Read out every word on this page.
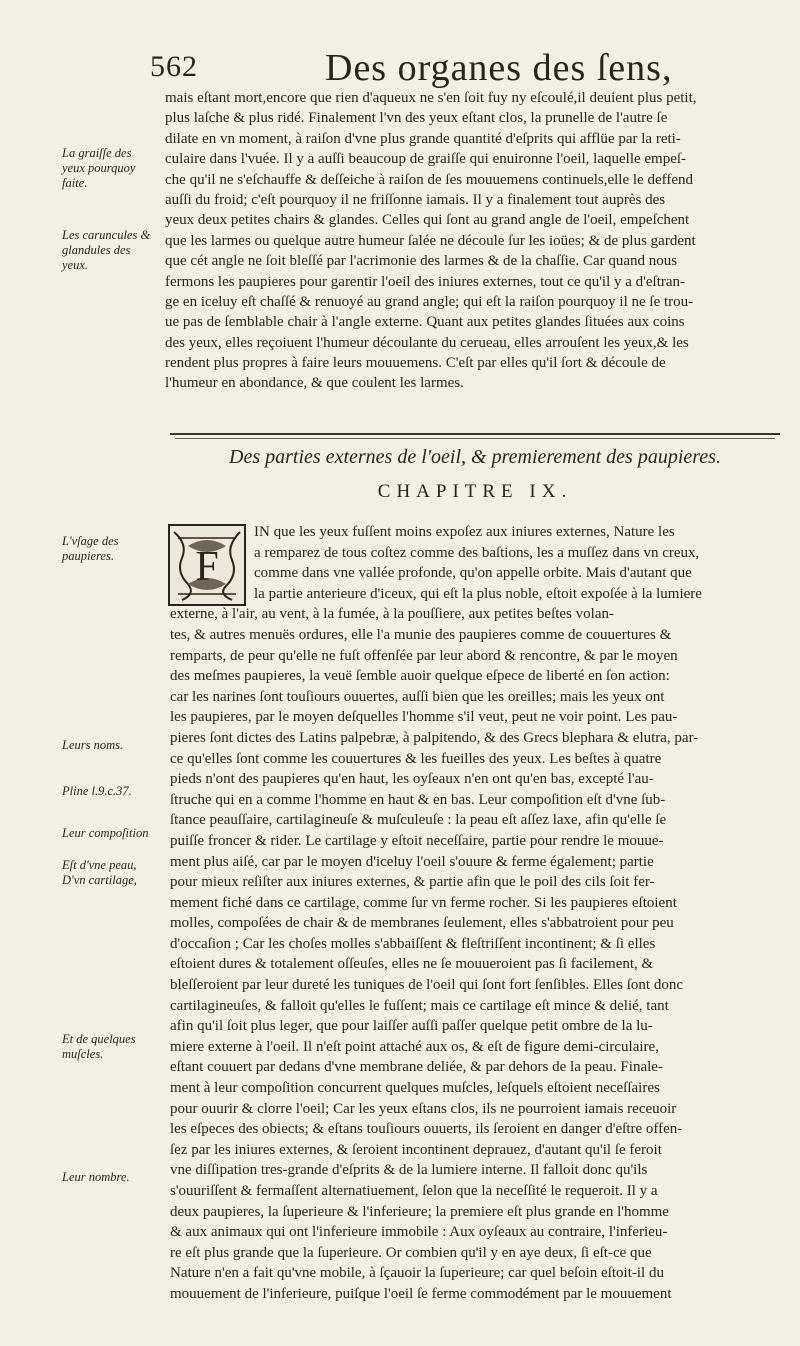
562	Des organes des ſens,
mais eſtant mort,encore que rien d'aqueux ne s'en ſoit fuy ny eſcoulé,il deuient plus petit,
plus laſche & plus ridé. Finalement l'vn des yeux eſtant clos, la prunelle de l'autre ſe
dilate en vn moment, à raiſon d'vne plus grande quantité d'eſprits qui afflüe par la reti-
culaire dans l'vuée. Il y a auſſi beaucoup de graiſſe qui enuironne l'oeil, laquelle empeſ-
che qu'il ne s'eſchauffe & deſſeiche à raiſon de ſes mouuemens continuels,elle le deffend
auſſi du froid; c'eſt pourquoy il ne friſſonne iamais. Il y a finalement tout auprès des
yeux deux petites chairs & glandes. Celles qui ſont au grand angle de l'oeil, empeſchent
que les larmes ou quelque autre humeur ſalée ne découle ſur les ioües; & de plus gardent
que cét angle ne ſoit bleſſé par l'acrimonie des larmes & de la chaſſie. Car quand nous
fermons les paupieres pour garentir l'oeil des iniures externes, tout ce qu'il y a d'eſtran-
ge en iceluy eſt chaſſé & renuoyé au grand angle; qui eſt la raiſon pourquoy il ne ſe trou-
ue pas de ſemblable chair à l'angle externe. Quant aux petites glandes ſituées aux coins
des yeux, elles reçoiuent l'humeur découlante du cerueau, elles arrouſent les yeux,& les
rendent plus propres à faire leurs mouuemens. C'eſt par elles qu'il ſort & découle de
l'humeur en abondance, & que coulent les larmes.
La graiſſe des yeux pourquoy faite.
Les caruncules & glandules des yeux.
L'vſage des paupieres.
Leurs noms.
Pline l.9.c.37.
Leur compoſition
Eſt d'vne peau, D'vn cartilage,
Et de quelques muſcles.
Leur nombre.
Des parties externes de l'oeil, & premierement des paupieres.
CHAPITRE IX.
F
IN que les yeux fuſſent moins expoſez aux iniures externes, Nature les
a remparez de tous coſtez comme des baſtions, les a muſſez dans vn creux,
comme dans vne vallée profonde, qu'on appelle orbite. Mais d'autant que
la partie anterieure d'iceux, qui eſt la plus noble, eſtoit expoſée à la lumiere
externe, à l'air, au vent, à la fumée, à la pouſſiere, aux petites beſtes volan-
tes, & autres menuës ordures, elle l'a munie des paupieres comme de couuertures &
remparts, de peur qu'elle ne fuſt offenſée par leur abord & rencontre, & par le moyen
des meſmes paupieres, la veuë ſemble auoir quelque eſpece de liberté en ſon action:
car les narines ſont touſiours ouuertes, auſſi bien que les oreilles; mais les yeux ont
les paupieres, par le moyen deſquelles l'homme s'il veut, peut ne voir point. Les pau-
pieres ſont dictes des Latins palpebræ, à palpitendo, & des Grecs blephara & elutra, par-
ce qu'elles ſont comme les couuertures & les fueilles des yeux. Les beſtes à quatre
pieds n'ont des paupieres qu'en haut, les oyſeaux n'en ont qu'en bas, excepté l'au-
ſtruche qui en a comme l'homme en haut & en bas. Leur compoſition eſt d'vne ſub-
ſtance peauſſaire, cartilagineuſe & muſculeuſe : la peau eſt aſſez laxe, afin qu'elle ſe
puiſſe froncer & rider. Le cartilage y eſtoit neceſſaire, partie pour rendre le mouue-
ment plus aiſé, car par le moyen d'iceluy l'oeil s'ouure & ferme également; partie
pour mieux reſiſter aux iniures externes, & partie afin que le poil des cils ſoit fer-
mement fiché dans ce cartilage, comme ſur vn ferme rocher. Si les paupieres eſtoient
molles, compoſées de chair & de membranes ſeulement, elles s'abbatroient pour peu
d'occaſion ; Car les choſes molles s'abbaiſſent & fleſtriſſent incontinent; & ſi elles
eſtoient dures & totalement oſſeuſes, elles ne ſe mouueroient pas ſi facilement, &
bleſſeroient par leur dureté les tuniques de l'oeil qui ſont fort ſenſibles. Elles ſont donc
cartilagineuſes, & falloit qu'elles le fuſſent; mais ce cartilage eſt mince & delié, tant
afin qu'il ſoit plus leger, que pour laiſſer auſſi paſſer quelque petit ombre de la lu-
miere externe à l'oeil. Il n'eſt point attaché aux os, & eſt de figure demi-circulaire,
eſtant couuert par dedans d'vne membrane deliée, & par dehors de la peau. Finale-
ment à leur compoſition concurrent quelques muſcles, leſquels eſtoient neceſſaires
pour ouurir & clorre l'oeil; Car les yeux eſtans clos, ils ne pourroient iamais receuoir
les eſpeces des obiects; & eſtans touſiours ouuerts, ils ſeroient en danger d'eſtre offen-
ſez par les iniures externes, & ſeroient incontinent deprauez, d'autant qu'il ſe feroit
vne diſſipation tres-grande d'eſprits & de la lumiere interne. Il falloit donc qu'ils
s'ouuriſſent & fermaſſent alternatiuement, ſelon que la neceſſité le requeroit. Il y a
deux paupieres, la ſuperieure & l'inferieure; la premiere eſt plus grande en l'homme
& aux animaux qui ont l'inferieure immobile : Aux oyſeaux au contraire, l'inferieu-
re eſt plus grande que la ſuperieure. Or combien qu'il y en aye deux, ſi eſt-ce que
Nature n'en a fait qu'vne mobile, à ſçauoir la ſuperieure; car quel beſoin eſtoit-il du
mouuement de l'inferieure, puiſque l'oeil ſe ferme commodément par le mouuement
